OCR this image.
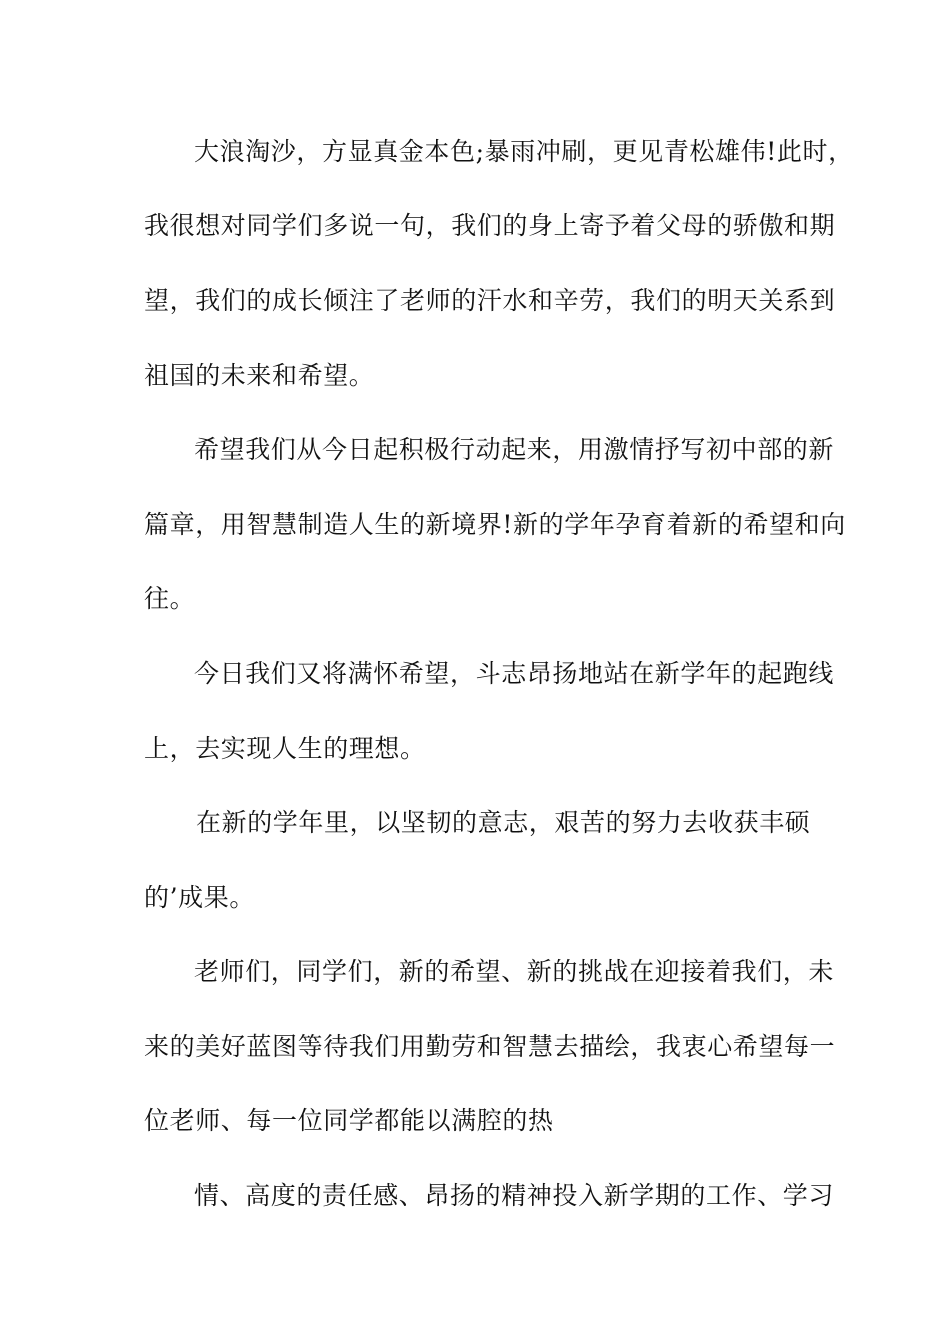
大浪淘沙，方显真金本色;暴雨冲刷，更见青松雄伟!此时，
我很想对同学们多说一句，我们的身上寄予着父母的骄傲和期
望，我们的成长倾注了老师的汗水和辛劳，我们的明天关系到
祖国的未来和希望。
希望我们从今日起积极行动起来，用激情抒写初中部的新
篇章，用智慧制造人生的新境界!新的学年孕育着新的希望和向
往。
今日我们又将满怀希望，斗志昂扬地站在新学年的起跑线
上，去实现人生的理想。
在新的学年里，以坚韧的意志，艰苦的努力去收获丰硕
的’成果。
老师们，同学们，新的希望、新的挑战在迎接着我们，未
来的美好蓝图等待我们用勤劳和智慧去描绘，我衷心希望每一
位老师、每一位同学都能以满腔的热
情、高度的责任感、昂扬的精神投入新学期的工作、学习
